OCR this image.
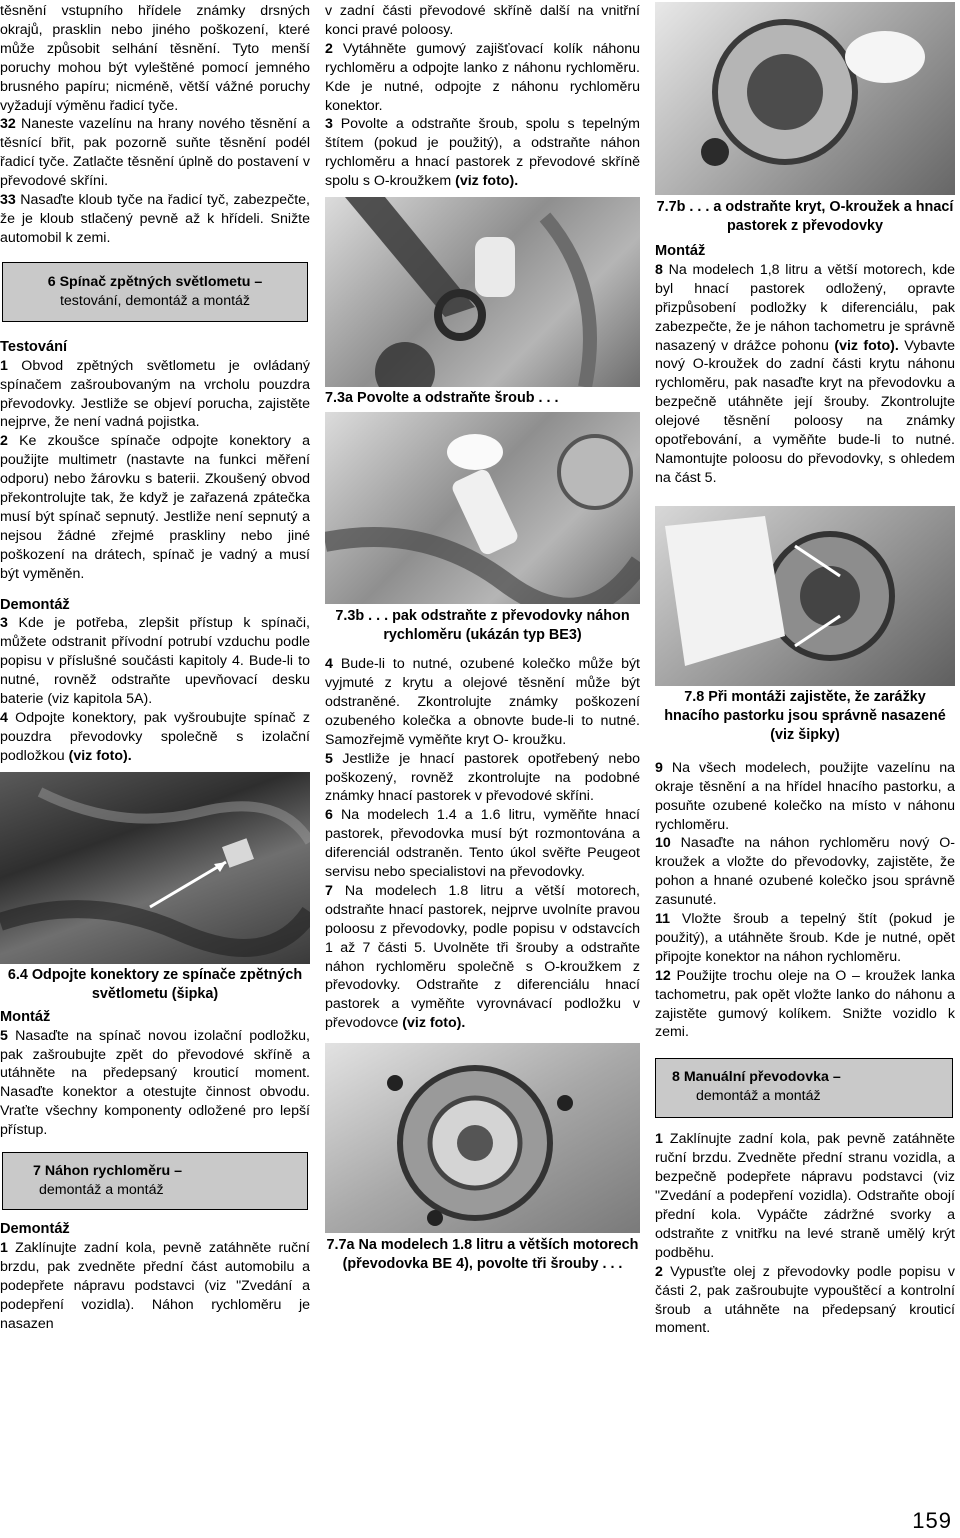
těsnění vstupního hřídele známky drsných okrajů, prasklin nebo jiného poškození, které může způsobit selhání těsnění. Tyto menší poruchy mohou být vyleštěné pomocí jemného brusného papíru; nicméně, větší vážné poruchy vyžadují výměnu řadicí tyče.

32 Naneste vazelínu na hrany nového těsnění a těsnící břit, pak pozorně suňte těsnění podél řadicí tyče. Zatlačte těsnění úplně do postavení v převodové skříni.

33 Nasaďte kloub tyče na řadicí tyč, zabezpečte, že je kloub stlačený pevně až k hřídeli. Snižte automobil k zemi.

6 Spínač zpětných světlometu –
testování, demontáž a montáž
Testování

1 Obvod zpětných světlometu je ovládaný spínačem zašroubovaným na vrcholu pouzdra převodovky. Jestliže se objeví porucha, zajistěte nejprve, že není vadná pojistka.

2 Ke zkoušce spínače odpojte konektory a použijte multimetr (nastavte na funkci měření odporu) nebo žárovku s baterii. Zkoušený obvod překontrolujte tak, že když je zařazená zpátečka musí být spínač sepnutý. Jestliže není sepnutý a nejsou žádné zřejmé praskliny nebo jiné poškození na drátech, spínač je vadný a musí být vyměněn.

Demontáž

3 Kde je potřeba, zlepšit přístup k spínači, můžete odstranit přívodní potrubí vzduchu podle popisu v příslušné součásti kapitoly 4. Bude-li to nutné, rovněž odstraňte upevňovací desku baterie (viz kapitola 5A).

4 Odpojte konektory, pak vyšroubujte spínač z pouzdra převodovky společně s izolační podložkou (viz foto).

6.4 Odpojte konektory ze spínače zpětných světlometu (šipka)

Montáž

5 Nasaďte na spínač novou izolační podložku, pak zašroubujte zpět do převodové skříně a utáhněte na předepsaný krouticí moment. Nasaďte konektor a otestujte činnost obvodu. Vraťte všechny komponenty odložené pro lepší přístup.

7 Náhon rychloměru –
demontáž a montáž
Demontáž

1 Zaklínujte zadní kola, pevně zatáhněte ruční brzdu, pak zvedněte přední část automobilu a podepřete nápravu podstavci (viz "Zvedání a podepření vozidla). Náhon rychloměru je nasazen

v zadní části převodové skříně další na vnitřní konci pravé poloosy.

2 Vytáhněte gumový zajišťovací kolík náhonu rychloměru a odpojte lanko z náhonu rychloměru. Kde je nutné, odpojte z náhonu rychloměru konektor.

3 Povolte a odstraňte šroub, spolu s tepelným štítem (pokud je použitý), a odstraňte náhon rychloměru a hnací pastorek z převodové skříně spolu s O-kroužkem (viz foto).

7.3a Povolte a odstraňte šroub . . .

7.3b . . . pak odstraňte z převodovky náhon rychloměru (ukázán typ BE3)

4 Bude-li to nutné, ozubené kolečko může být vyjmuté z krytu a olejové těsnění může být odstraněné. Zkontrolujte známky poškození ozubeného kolečka a obnovte bude-li to nutné. Samozřejmě vyměňte kryt O- kroužku.

5 Jestliže je hnací pastorek opotřebený nebo poškozený, rovněž zkontrolujte na podobné známky hnací pastorek v převodové skříni.

6 Na modelech 1.4 a 1.6 litru, vyměňte hnací pastorek, převodovka musí být rozmontována a diferenciál odstraněn. Tento úkol svěřte Peugeot servisu nebo specialistovi na převodovky.

7 Na modelech 1.8 litru a větší motorech, odstraňte hnací pastorek, nejprve uvolníte pravou poloosu z převodovky, podle popisu v odstavcích 1 až 7 části 5. Uvolněte tři šrouby a odstraňte náhon rychloměru společně s O-kroužkem z převodovky. Odstraňte z diferenciálu hnací pastorek a vyměňte vyrovnávací podložku v převodovce (viz foto).

7.7a Na modelech 1.8 litru a větších motorech (převodovka BE 4), povolte tři šrouby . . .

7.7b . . . a odstraňte kryt, O-kroužek a hnací pastorek z převodovky

Montáž

8 Na modelech 1,8 litru a větší motorech, kde byl hnací pastorek odložený, opravte přizpůsobení podložky k diferenciálu, pak zabezpečte, že je náhon tachometru je správně nasazený v drážce pohonu (viz foto). Vybavte nový O-kroužek do zadní části krytu náhonu rychloměru, pak nasaďte kryt na převodovku a bezpečně utáhněte její šrouby. Zkontrolujte olejové těsnění poloosy na známky opotřebování, a vyměňte bude-li to nutné. Namontujte poloosu do převodovky, s ohledem na část 5.

7.8 Při montáži zajistěte, že zarážky hnacího pastorku jsou správně nasazené (viz šipky)

9 Na všech modelech, použijte vazelínu na okraje těsnění a na hřídel hnacího pastorku, a posuňte ozubené kolečko na místo v náhonu rychloměru.

10 Nasaďte na náhon rychloměru nový O-kroužek a vložte do převodovky, zajistěte, že pohon a hnané ozubené kolečko jsou správně zasunuté.

11 Vložte šroub a tepelný štít (pokud je použitý), a utáhněte šroub. Kde je nutné, opět připojte konektor na náhon rychloměru.

12 Použijte trochu oleje na O – kroužek lanka tachometru, pak opět vložte lanko do náhonu a zajistěte gumový kolíkem. Snižte vozidlo k zemi.

8 Manuální převodovka –
demontáž a montáž

1 Zaklínujte zadní kola, pak pevně zatáhněte ruční brzdu. Zvedněte přední stranu vozidla, a bezpečně podepřete nápravu podstavci (viz "Zvedání a podepření vozidla). Odstraňte obojí přední kola. Vypáčte zádržné svorky a odstraňte z vnitřku na levé straně umělý krýt podběhu.

2 Vypusťte olej z převodovky podle popisu v části 2, pak zašroubujte vypouštěcí a kontrolní šroub a utáhněte na předepsaný krouticí moment.

159
